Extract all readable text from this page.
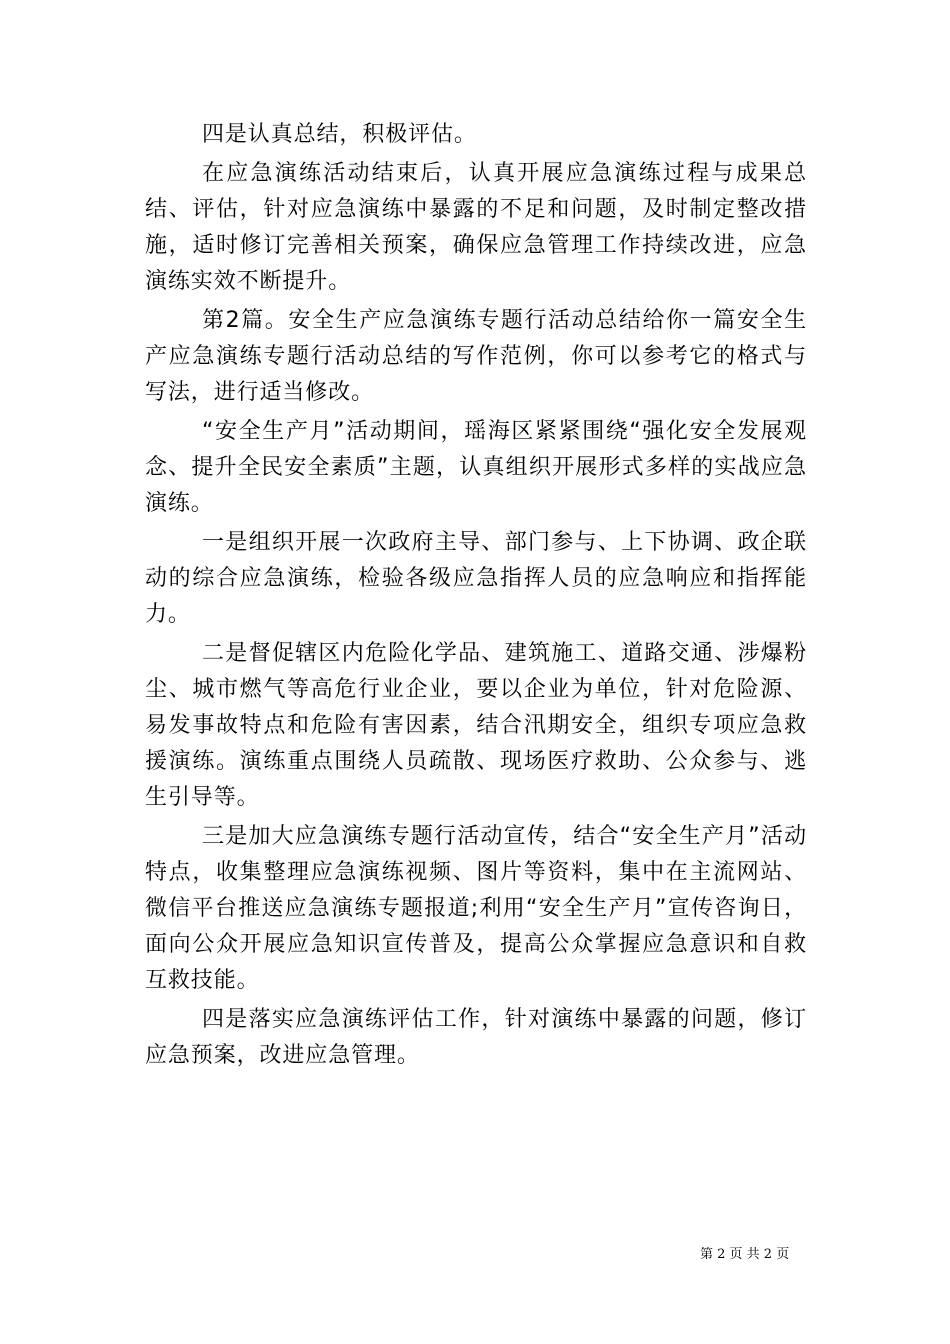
四是认真总结，积极评估。

在应急演练活动结束后，认真开展应急演练过程与成果总结、评估，针对应急演练中暴露的不足和问题，及时制定整改措施，适时修订完善相关预案，确保应急管理工作持续改进，应急演练实效不断提升。

第2篇。安全生产应急演练专题行活动总结给你一篇安全生产应急演练专题行活动总结的写作范例，你可以参考它的格式与写法，进行适当修改。

“安全生产月”活动期间，瑶海区紧紧围绕“强化安全发展观念、提升全民安全素质”主题，认真组织开展形式多样的实战应急演练。

一是组织开展一次政府主导、部门参与、上下协调、政企联动的综合应急演练，检验各级应急指挥人员的应急响应和指挥能力。

二是督促辖区内危险化学品、建筑施工、道路交通、涉爆粉尘、城市燃气等高危行业企业，要以企业为单位，针对危险源、易发事故特点和危险有害因素，结合汛期安全，组织专项应急救援演练。演练重点围绕人员疏散、现场医疗救助、公众参与、逃生引导等。

三是加大应急演练专题行活动宣传，结合“安全生产月”活动特点，收集整理应急演练视频、图片等资料，集中在主流网站、微信平台推送应急演练专题报道;利用“安全生产月”宣传咨询日，面向公众开展应急知识宣传普及，提高公众掌握应急意识和自救互救技能。

四是落实应急演练评估工作，针对演练中暴露的问题，修订应急预案，改进应急管理。

第 2 页 共 2 页
